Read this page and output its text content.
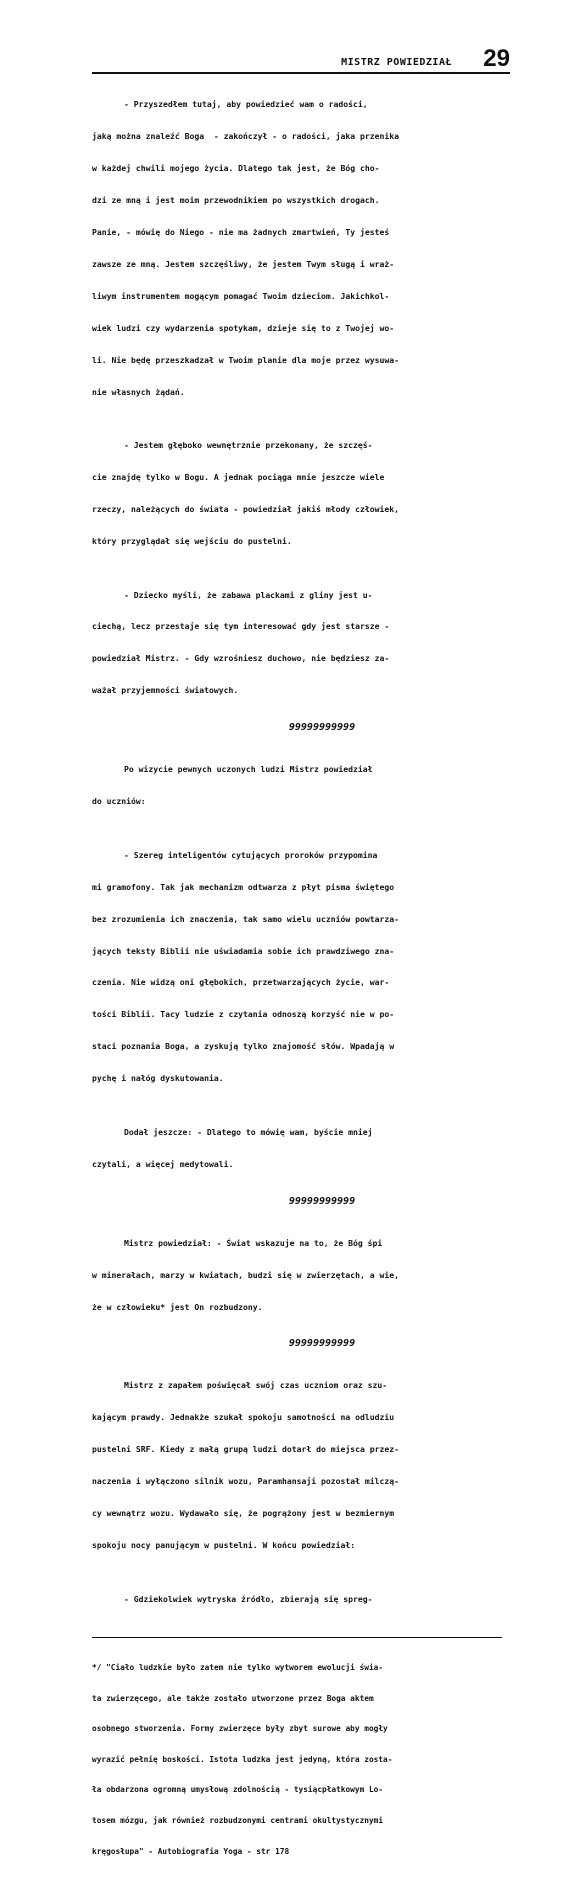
MISTRZ POWIEDZIAŁ 29

- Przyszedłem tutaj, aby powiedzieć wam o radości,

jaką można znaleźć Boga  - zakończył - o radości, jaka przenika

w każdej chwili mojego życia. Dlatego tak jest, że Bóg cho-

dzi ze mną i jest moim przewodnikiem po wszystkich drogach.

Panie, - mówię do Niego - nie ma żadnych zmartwień, Ty jesteś

zawsze ze mną. Jestem szczęśliwy, że jestem Twym sługą i wraż-

liwym instrumentem mogącym pomagać Twoim dzieciom. Jakichkol-

wiek ludzi czy wydarzenia spotykam, dzieje się to z Twojej wo-

li. Nie będę przeszkadzał w Twoim planie dla moje przez wysuwa-

nie własnych żądań.

- Jestem głęboko wewnętrznie przekonany, że szczęś-

cie znajdę tylko w Bogu. A jednak pociąga mnie jeszcze wiele

rzeczy, należących do świata - powiedział jakiś młody człowiek,

który przyglądał się wejściu do pustelni.

- Dziecko myśli, że zabawa plackami z gliny jest u-

ciechą, lecz przestaje się tym interesować gdy jest starsze -

powiedział Mistrz. - Gdy wzrośniesz duchowo, nie będziesz za-

ważał przyjemności światowych.

99999999999

Po wizycie pewnych uczonych ludzi Mistrz powiedział

do uczniów:

- Szereg inteligentów cytujących proroków przypomina

mi gramofony. Tak jak mechanizm odtwarza z płyt pisma świętego

bez zrozumienia ich znaczenia, tak samo wielu uczniów powtarza-

jących teksty Biblii nie uświadamia sobie ich prawdziwego zna-

czenia. Nie widzą oni głębokich, przetwarzających życie, war-

tości Biblii. Tacy ludzie z czytania odnoszą korzyść nie w po-

staci poznania Boga, a zyskują tylko znajomość słów. Wpadają w

pychę i nałóg dyskutowania.

Dodał jeszcze: - Dlatego to mówię wam, byście mniej

czytali, a więcej medytowali.

99999999999

Mistrz powiedział: - Świat wskazuje na to, że Bóg śpi

w minerałach, marzy w kwiatach, budzi się w zwierzętach, a wie,

że w człowieku* jest On rozbudzony.

99999999999

Mistrz z zapałem poświęcał swój czas uczniom oraz szu-

kającym prawdy. Jednakże szukał spokoju samotności na odludziu

pustelni SRF. Kiedy z małą grupą ludzi dotarł do miejsca przez-

naczenia i wyłączono silnik wozu, Paramhansaji pozostał milczą-

cy wewnątrz wozu. Wydawało się, że pogrążony jest w bezmiernym

spokoju nocy panującym w pustelni. W końcu powiedział:

- Gdziekolwiek wytryska źródło, zbierają się spreg-

*/ "Ciało ludzkie było zatem nie tylko wytworem ewolucji świa-

ta zwierzęcego, ale także zostało utworzone przez Boga aktem

osobnego stworzenia. Formy zwierzęce były zbyt surowe aby mogły

wyrazić pełnię boskości. Istota ludzka jest jedyną, która zosta-

ła obdarzona ogromną umysłową zdolnością - tysiącpłatkowym Lo-

tosem mózgu, jak również rozbudzonymi centrami okultystycznymi

kręgosłupa" - Autobiografia Yoga - str 178
